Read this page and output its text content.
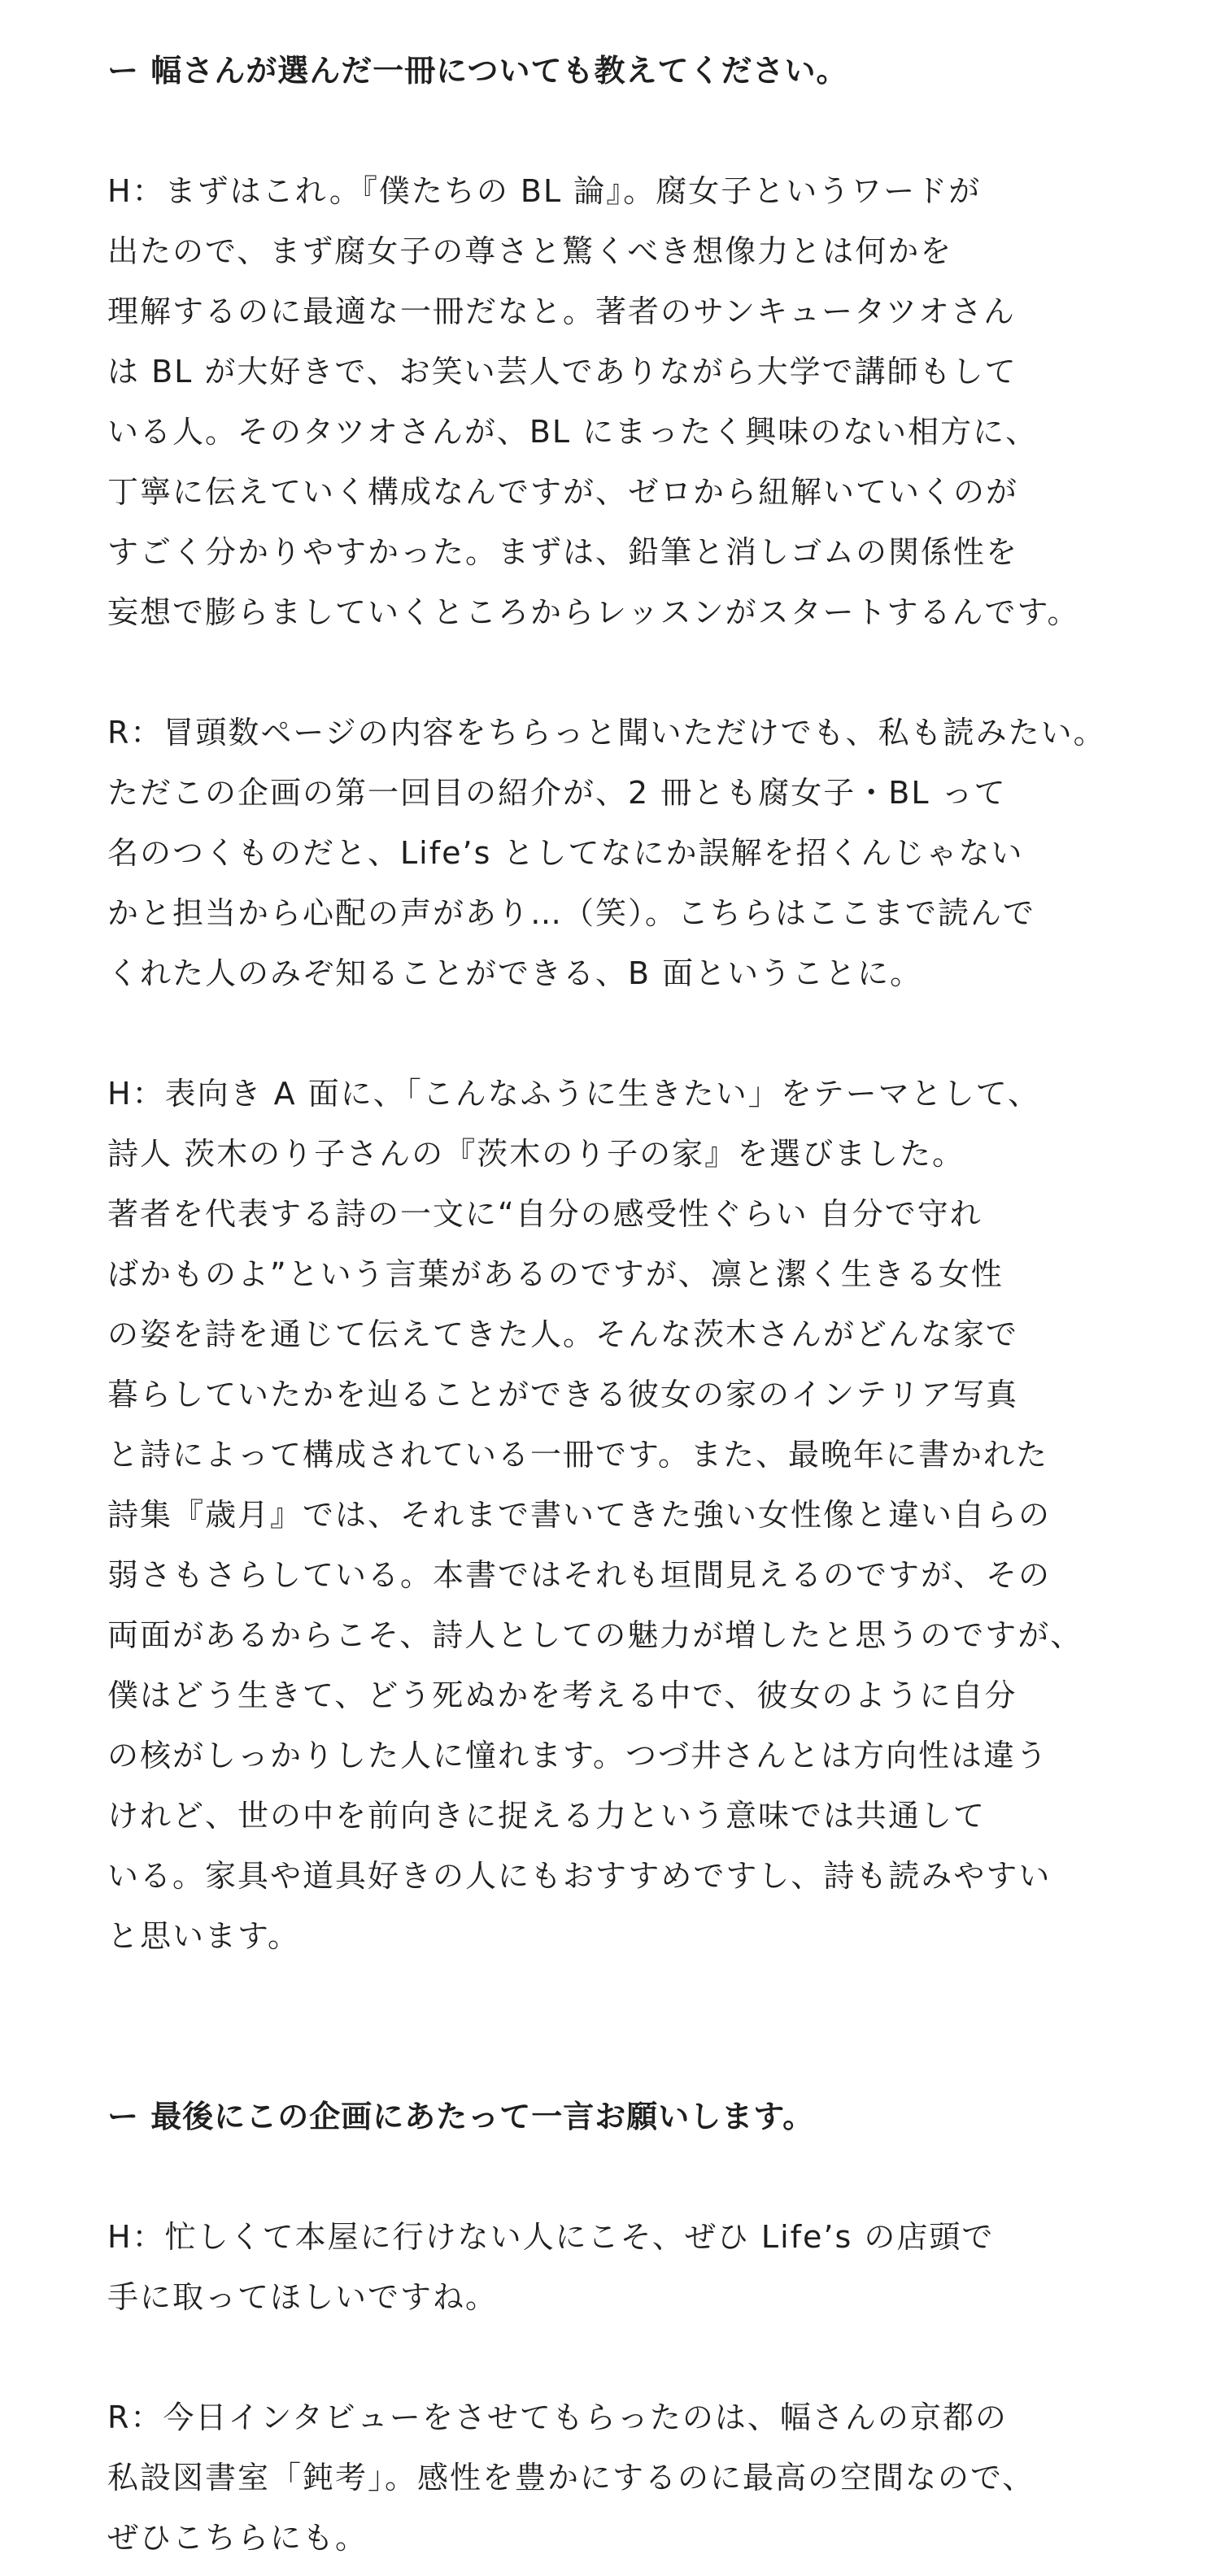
ー 幅さんが選んだ一冊についても教えてください。
H：まずはこれ。『僕たちの BL 論』。腐女子というワードが
出たので、まず腐女子の尊さと驚くべき想像力とは何かを
理解するのに最適な一冊だなと。著者のサンキュータツオさん
は BL が大好きで、お笑い芸人でありながら大学で講師もして
いる人。そのタツオさんが、BL にまったく興味のない相方に、
丁寧に伝えていく構成なんですが、ゼロから紐解いていくのが
すごく分かりやすかった。まずは、鉛筆と消しゴムの関係性を
妄想で膨らましていくところからレッスンがスタートするんです。
R：冒頭数ページの内容をちらっと聞いただけでも、私も読みたい。
ただこの企画の第一回目の紹介が、2 冊とも腐女子・BL って
名のつくものだと、Life’s としてなにか誤解を招くんじゃない
かと担当から心配の声があり…（笑）。こちらはここまで読んで
くれた人のみぞ知ることができる、B 面ということに。
H：表向き A 面に、「こんなふうに生きたい」をテーマとして、
詩人 茨木のり子さんの『茨木のり子の家』を選びました。
著者を代表する詩の一文に“自分の感受性ぐらい 自分で守れ
ばかものよ”という言葉があるのですが、凛と潔く生きる女性
の姿を詩を通じて伝えてきた人。そんな茨木さんがどんな家で
暮らしていたかを辿ることができる彼女の家のインテリア写真
と詩によって構成されている一冊です。また、最晩年に書かれた
詩集『歳月』では、それまで書いてきた強い女性像と違い自らの
弱さもさらしている。本書ではそれも垣間見えるのですが、その
両面があるからこそ、詩人としての魅力が増したと思うのですが、
僕はどう生きて、どう死ぬかを考える中で、彼女のように自分
の核がしっかりした人に憧れます。つづ井さんとは方向性は違う
けれど、世の中を前向きに捉える力という意味では共通して
いる。家具や道具好きの人にもおすすめですし、詩も読みやすい
と思います。
ー 最後にこの企画にあたって一言お願いします。
H：忙しくて本屋に行けない人にこそ、ぜひ Life’s の店頭で
手に取ってほしいですね。
R：今日インタビューをさせてもらったのは、幅さんの京都の
私設図書室「鈍考」。感性を豊かにするのに最高の空間なので、
ぜひこちらにも。
